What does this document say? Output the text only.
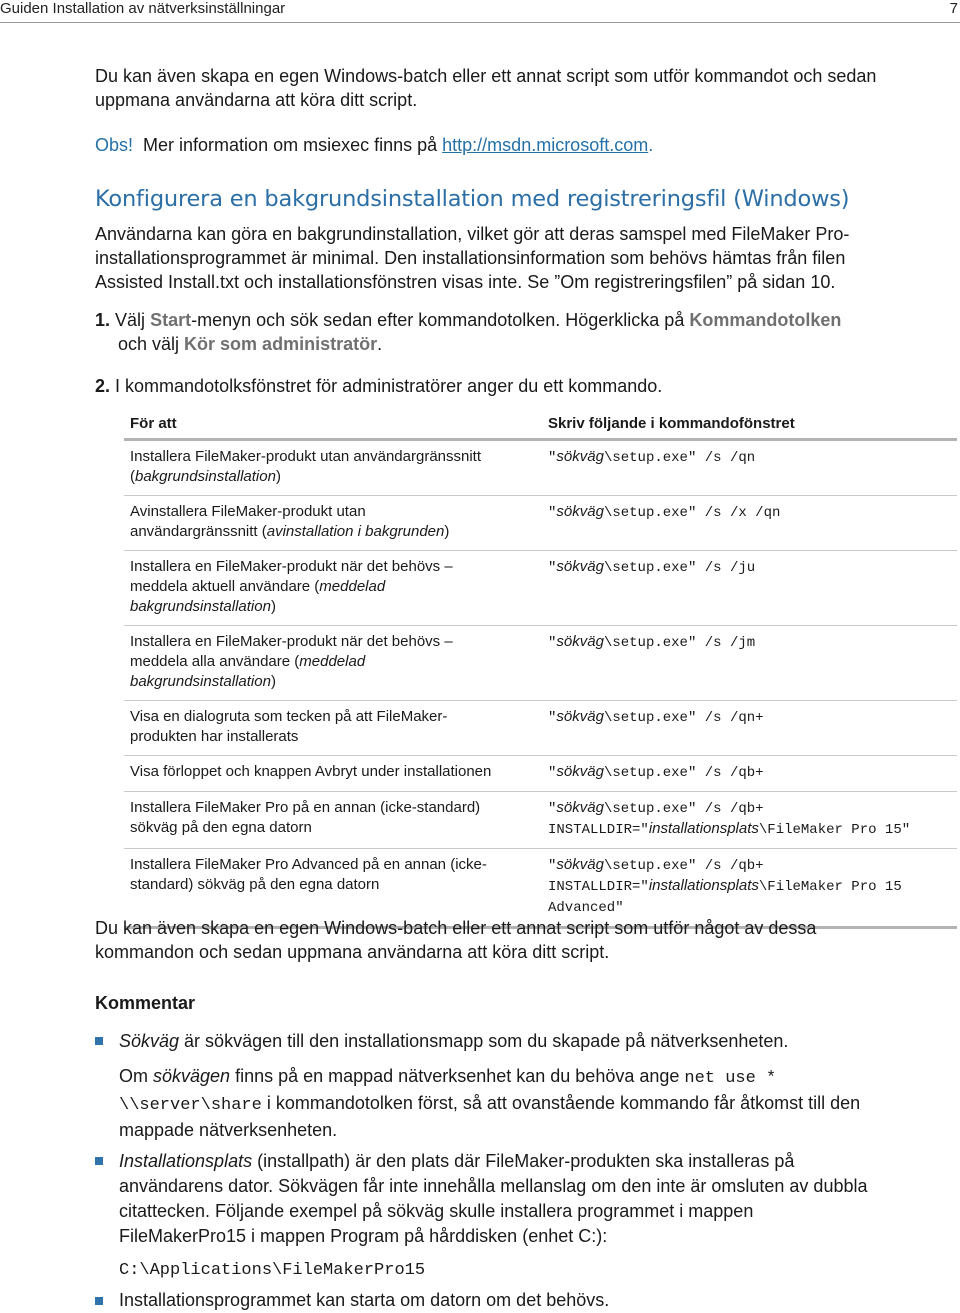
Guiden Installation av nätverksinställningar	7

Du kan även skapa en egen Windows-batch eller ett annat script som utför kommandot och sedan
uppmana användarna att köra ditt script.

Obs! Mer information om msiexec finns på http://msdn.microsoft.com.

Konfigurera en bakgrundsinstallation med registreringsfil (Windows)

Användarna kan göra en bakgrundinstallation, vilket gör att deras samspel med FileMaker Pro-
installationsprogrammet är minimal. Den installationsinformation som behövs hämtas från filen
Assisted Install.txt och installationsfönstren visas inte. Se ”Om registreringsfilen” på sidan 10.

1. Välj Start-menyn och sök sedan efter kommandotolken. Högerklicka på Kommandotolken
och välj Kör som administratör.

2. I kommandotolksfönstret för administratörer anger du ett kommando.

För att	Skriv följande i kommandofönstret
Installera FileMaker-produkt utan användargränssnitt
(bakgrundsinstallation)	"sökväg\setup.exe" /s /qn
Avinstallera FileMaker-produkt utan
användargränssnitt (avinstallation i bakgrunden)	"sökväg\setup.exe" /s /x /qn
Installera en FileMaker-produkt när det behövs –
meddela aktuell användare (meddelad
bakgrundsinstallation)	"sökväg\setup.exe" /s /ju
Installera en FileMaker-produkt när det behövs –
meddela alla användare (meddelad
bakgrundsinstallation)	"sökväg\setup.exe" /s /jm
Visa en dialogruta som tecken på att FileMaker-
produkten har installerats	"sökväg\setup.exe" /s /qn+
Visa förloppet och knappen Avbryt under installationen	"sökväg\setup.exe" /s /qb+
Installera FileMaker Pro på en annan (icke-standard)
sökväg på den egna datorn	"sökväg\setup.exe" /s /qb+
INSTALLDIR="installationsplats\FileMaker Pro 15"
Installera FileMaker Pro Advanced på en annan (icke-
standard) sökväg på den egna datorn	"sökväg\setup.exe" /s /qb+
INSTALLDIR="installationsplats\FileMaker Pro 15
Advanced"

Du kan även skapa en egen Windows-batch eller ett annat script som utför något av dessa
kommandon och sedan uppmana användarna att köra ditt script.

Kommentar

Sökväg är sökvägen till den installationsmapp som du skapade på nätverksenheten.

Om sökvägen finns på en mappad nätverksenhet kan du behöva ange net use *
\\server\share i kommandotolken först, så att ovanstående kommando får åtkomst till den
mappade nätverksenheten.

Installationsplats (installpath) är den plats där FileMaker-produkten ska installeras på
användarens dator. Sökvägen får inte innehålla mellanslag om den inte är omsluten av dubbla
citattecken. Följande exempel på sökväg skulle installera programmet i mappen
FileMakerPro15 i mappen Program på hårddisken (enhet C:):

C:\Applications\FileMakerPro15

Installationsprogrammet kan starta om datorn om det behövs.
